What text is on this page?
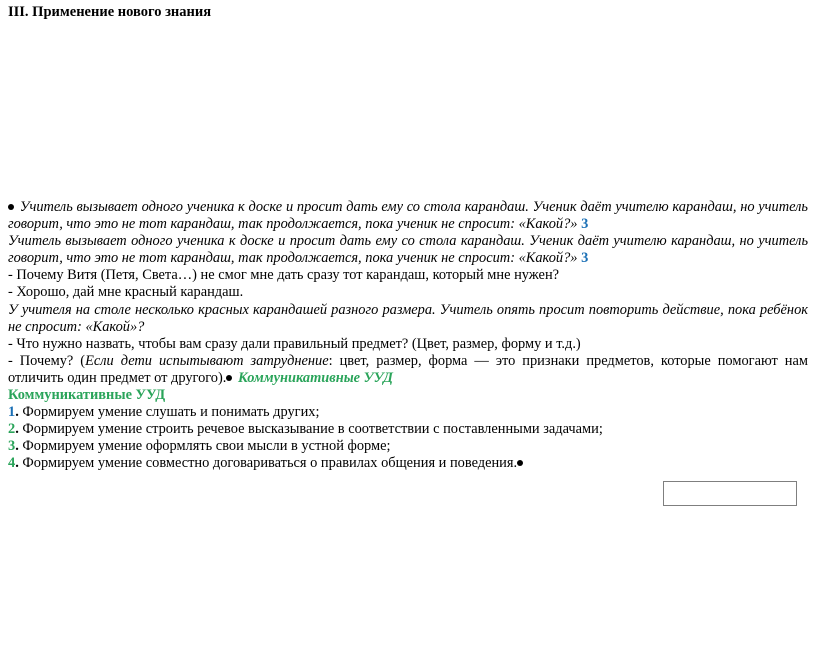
III. Применение нового знания

Учитель вызывает одного ученика к доске и просит дать ему со стола карандаш. Ученик даёт учителю карандаш, но учитель говорит, что это не тот карандаш, так продолжается, пока ученик не спросит: «Какой?» 3

Учитель вызывает одного ученика к доске и просит дать ему со стола карандаш. Ученик даёт учителю карандаш, но учитель говорит, что это не тот карандаш, так продолжается, пока ученик не спросит: «Какой?» 3

- Почему Витя (Петя, Света…) не смог мне дать сразу тот карандаш, который мне нужен?

- Хорошо, дай мне красный карандаш.

У учителя на столе несколько красных карандашей разного размера. Учитель опять просит повторить действие, пока ребёнок не спросит: «Какой»?

- Что нужно назвать, чтобы вам сразу дали правильный предмет? (Цвет, размер, форму и т.д.)

- Почему? (Если дети испытывают затруднение: цвет, размер, форма — это признаки предметов, которые помогают нам отличить один предмет от другого). Коммуникативные УУД

Коммуникативные УУД

1. Формируем умение слушать и понимать других;

2. Формируем умение строить речевое высказывание в соответствии с поставленными задачами;

3. Формируем умение оформлять свои мысли в устной форме;

4. Формируем умение совместно договариваться о правилах общения и поведения.
